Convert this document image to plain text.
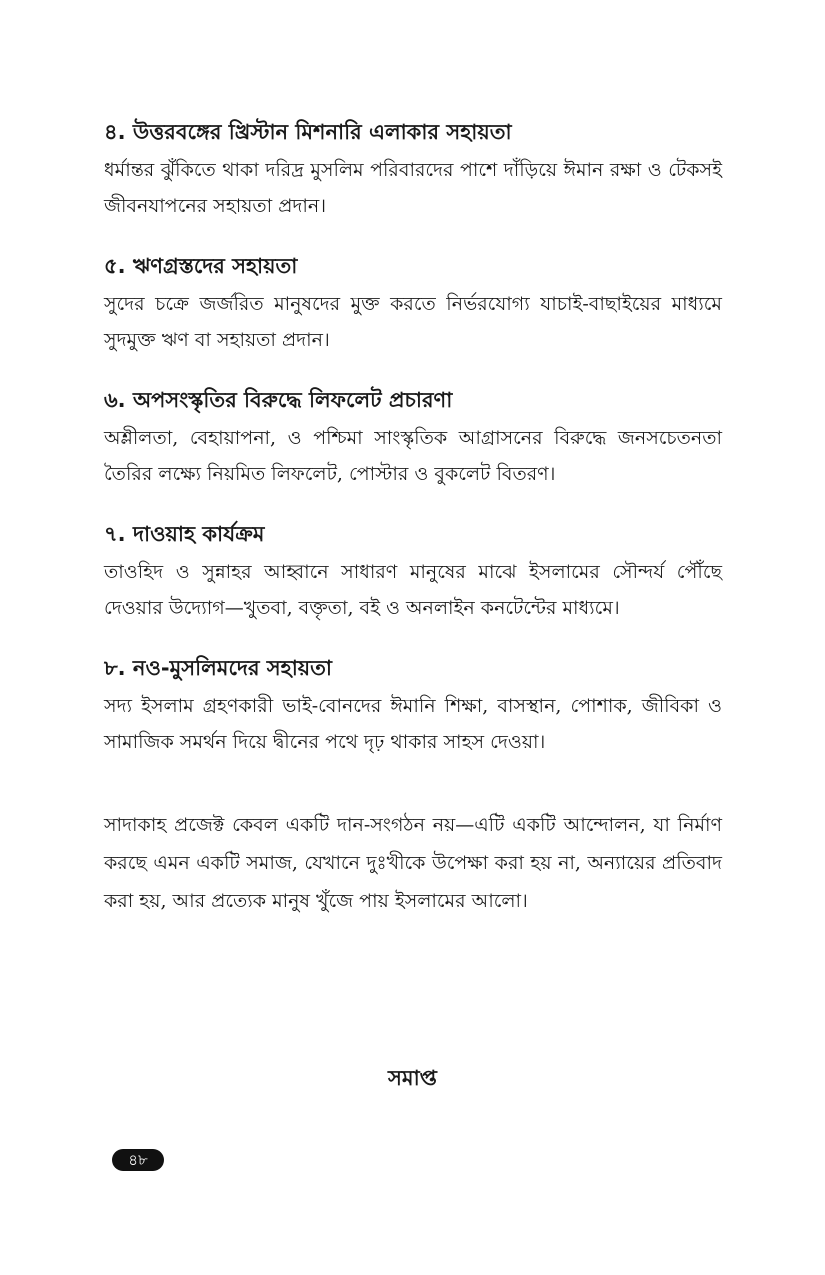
৪. উত্তরবঙ্গের খ্রিস্টান মিশনারি এলাকার সহায়তা

ধর্মান্তর ঝুঁকিতে থাকা দরিদ্র মুসলিম পরিবারদের পাশে দাঁড়িয়ে ঈমান রক্ষা ও টেকসই জীবনযাপনের সহায়তা প্রদান।

৫. ঋণগ্রস্তদের সহায়তা

সুদের চক্রে জর্জরিত মানুষদের মুক্ত করতে নির্ভরযোগ্য যাচাই-বাছাইয়ের মাধ্যমে সুদমুক্ত ঋণ বা সহায়তা প্রদান।

৬. অপসংস্কৃতির বিরুদ্ধে লিফলেট প্রচারণা

অশ্লীলতা, বেহায়াপনা, ও পশ্চিমা সাংস্কৃতিক আগ্রাসনের বিরুদ্ধে জনসচেতনতা তৈরির লক্ষ্যে নিয়মিত লিফলেট, পোস্টার ও বুকলেট বিতরণ।

৭. দাওয়াহ কার্যক্রম

তাওহিদ ও সুন্নাহর আহ্বানে সাধারণ মানুষের মাঝে ইসলামের সৌন্দর্য পৌঁছে দেওয়ার উদ্যোগ—খুতবা, বক্তৃতা, বই ও অনলাইন কনটেন্টের মাধ্যমে।

৮. নও-মুসলিমদের সহায়তা

সদ্য ইসলাম গ্রহণকারী ভাই-বোনদের ঈমানি শিক্ষা, বাসস্থান, পোশাক, জীবিকা ও সামাজিক সমর্থন দিয়ে দ্বীনের পথে দৃঢ় থাকার সাহস দেওয়া।

সাদাকাহ প্রজেক্ট কেবল একটি দান-সংগঠন নয়—এটি একটি আন্দোলন, যা নির্মাণ করছে এমন একটি সমাজ, যেখানে দুঃখীকে উপেক্ষা করা হয় না, অন্যায়ের প্রতিবাদ করা হয়, আর প্রত্যেক মানুষ খুঁজে পায় ইসলামের আলো।

সমাপ্ত
৪৮
